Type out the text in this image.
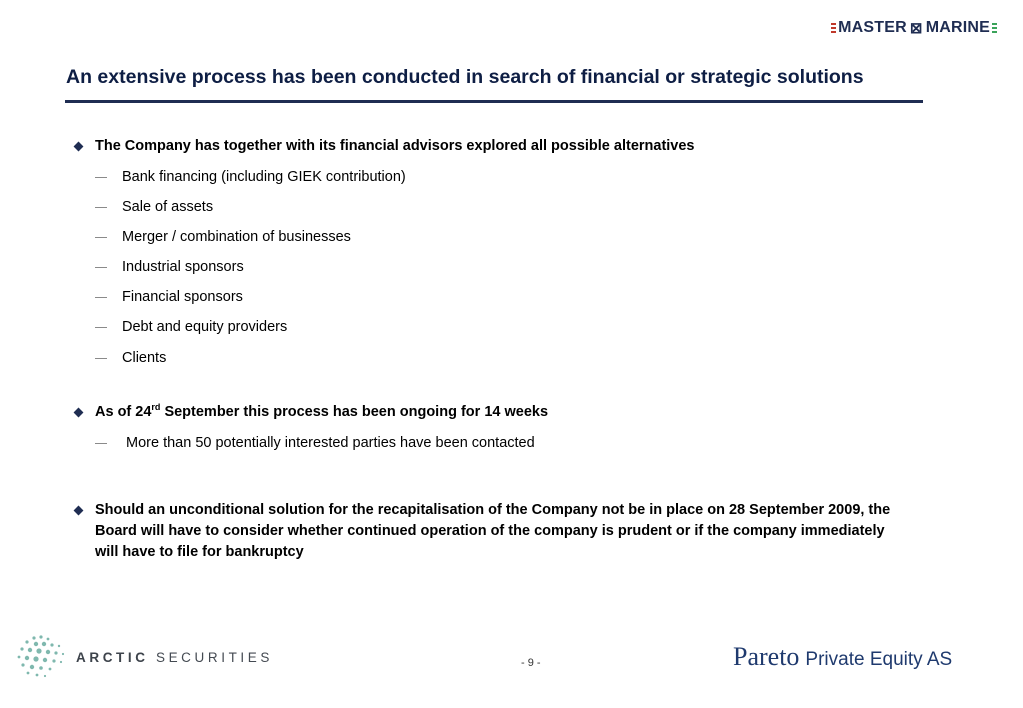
MASTER ⊠ MARINE
An extensive process has been conducted in search of financial or strategic solutions
The Company has together with its financial advisors explored all possible alternatives
Bank financing (including GIEK contribution)
Sale of assets
Merger / combination of businesses
Industrial sponsors
Financial sponsors
Debt and equity providers
Clients
As of 24rd September this process has been ongoing for 14 weeks
More than 50 potentially interested parties have been contacted
Should an unconditional solution for the recapitalisation of the Company not be in place on 28 September 2009, the Board will have to consider whether continued operation of the company is prudent or if the company immediately will have to file for bankruptcy
ARCTIC SECURITIES	- 9 -	Pareto Private Equity AS
